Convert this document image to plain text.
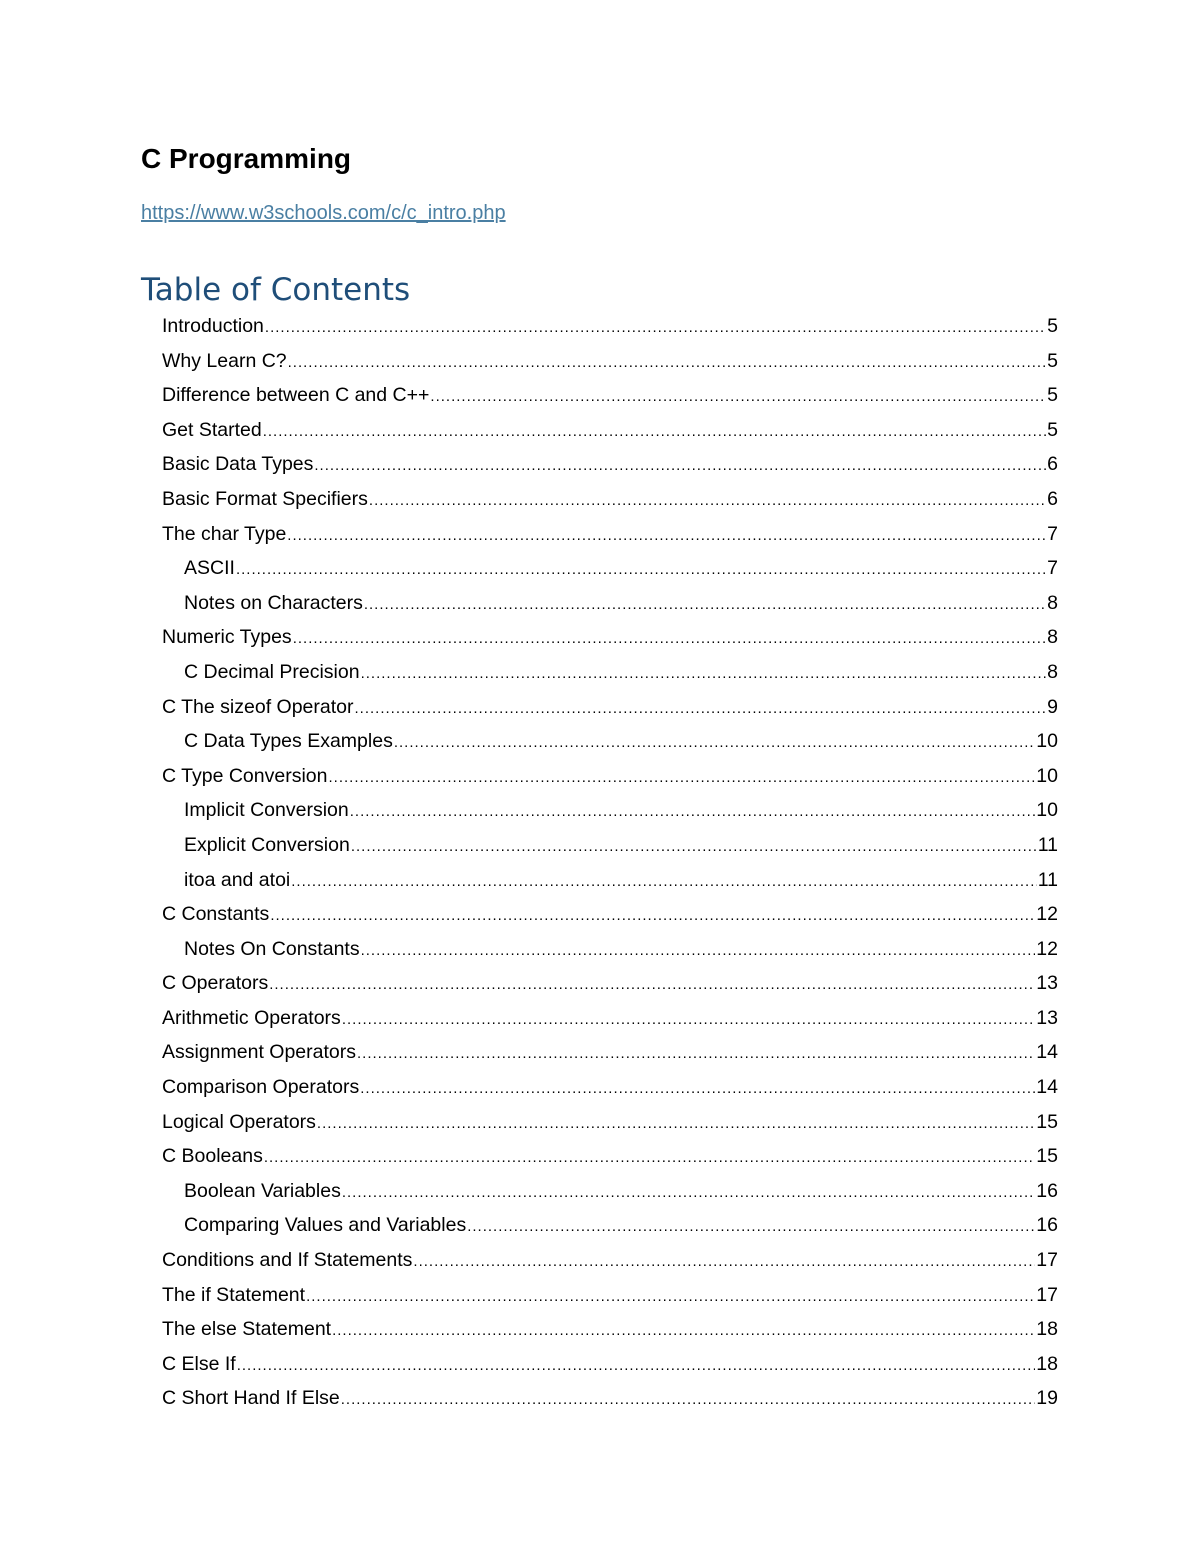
C Programming
https://www.w3schools.com/c/c_intro.php
Table of Contents
Introduction .....	5
Why Learn C? .....	5
Difference between C and C++ .....	5
Get Started .....	5
Basic Data Types .....	6
Basic Format Specifiers .....	6
The char Type .....	7
ASCII .....	7
Notes on Characters .....	8
Numeric Types .....	8
C Decimal Precision .....	8
C The sizeof Operator .....	9
C Data Types Examples .....	10
C Type Conversion .....	10
Implicit Conversion .....	10
Explicit Conversion .....	11
itoa and atoi .....	11
C Constants .....	12
Notes On Constants .....	12
C Operators .....	13
Arithmetic Operators .....	13
Assignment Operators .....	14
Comparison Operators .....	14
Logical Operators .....	15
C Booleans .....	15
Boolean Variables .....	16
Comparing Values and Variables .....	16
Conditions and If Statements .....	17
The if Statement .....	17
The else Statement .....	18
C Else If .....	18
C Short Hand If Else .....	19
